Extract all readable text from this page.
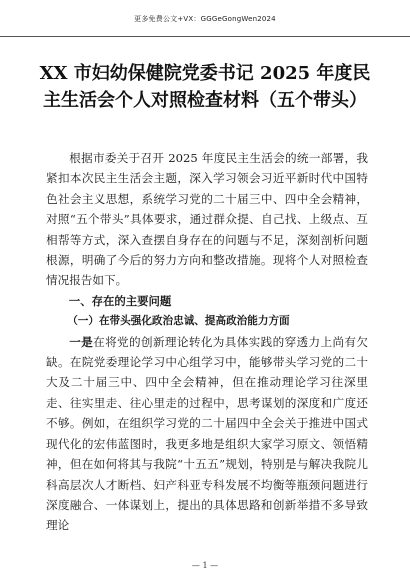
更多免费公文+VX：GGGeGongWen2024
XX 市妇幼保健院党委书记 2025 年度民主生活会个人对照检查材料（五个带头）

根据市委关于召开 2025 年度民主生活会的统一部署，我紧扣本次民主生活会主题，深入学习领会习近平新时代中国特色社会主义思想，系统学习党的二十届三中、四中全会精神，对照“五个带头”具体要求，通过群众提、自己找、上级点、互相帮等方式，深入查摆自身存在的问题与不足，深刻剖析问题根源，明确了今后的努力方向和整改措施。现将个人对照检查情况报告如下。

一、存在的主要问题

（一）在带头强化政治忠诚、提高政治能力方面

一是在将党的创新理论转化为具体实践的穿透力上尚有欠缺。在院党委理论学习中心组学习中，能够带头学习党的二十大及二十届三中、四中全会精神，但在推动理论学习往深里走、往实里走、往心里走的过程中，思考谋划的深度和广度还不够。例如，在组织学习党的二十届四中全会关于推进中国式现代化的宏伟蓝图时，我更多地是组织大家学习原文、领悟精神，但在如何将其与我院“十五五”规划，特别是与解决我院儿科高层次人才断档、妇产科亚专科发展不均衡等瓶颈问题进行深度融合、一体谋划上，提出的具体思路和创新举措不多导致理论

— 1 —
